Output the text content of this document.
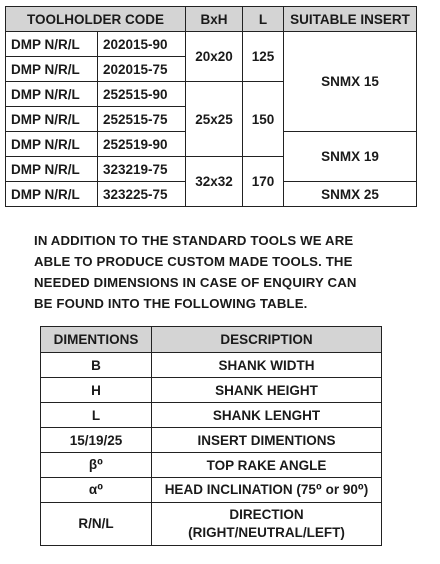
TOOLHOLDER CODE		BxH	L	SUITABLE INSERT
DMP N/R/L	202015-90	20x20	125	SNMX 15
DMP N/R/L	202015-75			
DMP N/R/L	252515-90	25x25	150	
DMP N/R/L	252515-75			
DMP N/R/L	252519-90			SNMX 19
DMP N/R/L	323219-75	32x32	170	
DMP N/R/L	323225-75			SNMX 25

IN ADDITION TO THE STANDARD TOOLS WE ARE
ABLE TO PRODUCE CUSTOM MADE TOOLS. THE
NEEDED DIMENSIONS IN CASE OF ENQUIRY CAN
BE FOUND INTO THE FOLLOWING TABLE.

DIMENTIONS	DESCRIPTION
B	SHANK WIDTH
H	SHANK HEIGHT
L	SHANK LENGHT
15/19/25	INSERT DIMENTIONS
β⁰	TOP RAKE ANGLE
α⁰	HEAD INCLINATION (75⁰ or 90⁰)
R/N/L	DIRECTION
(RIGHT/NEUTRAL/LEFT)
